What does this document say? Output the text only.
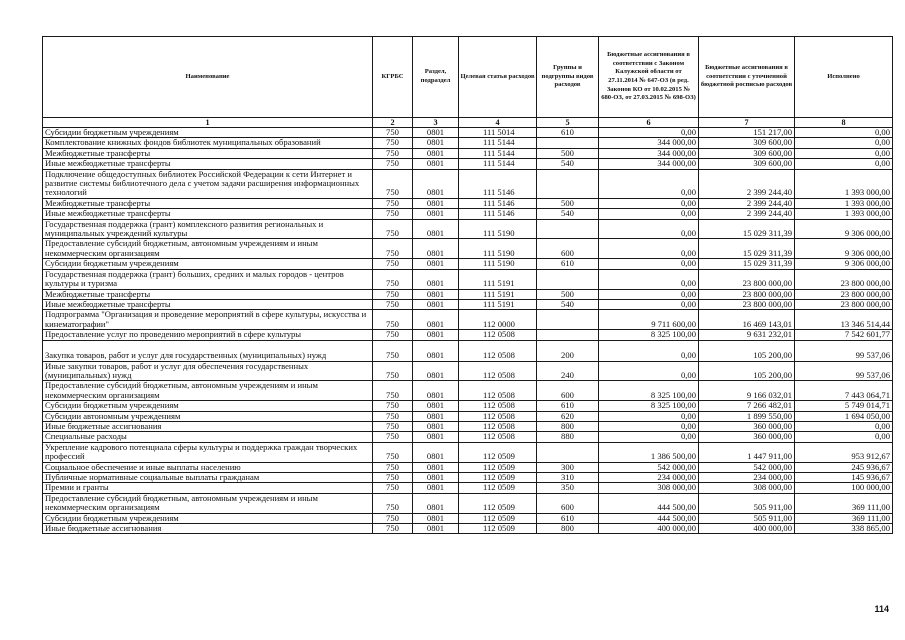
Наименование	КГРБС	Раздел, подраздел	Целевая статья расходов	Группы и подгруппы видов расходов	Бюджетные ассигнования в соответствии с Законом Калужской области от 27.11.2014 № 647-ОЗ (в ред. Законов КО от 10.02.2015 № 680-ОЗ, от 27.03.2015 № 698-ОЗ)	Бюджетные ассигнования в соответствии с уточненной бюджетной росписью расходов	Исполнено
1	2	3	4	5	6	7	8
Субсидии бюджетным учреждениям	750	0801	111 5014	610	0,00	151 217,00	0,00
Комплектование книжных фондов библиотек муниципальных образований	750	0801	111 5144		344 000,00	309 600,00	0,00
Межбюджетные трансферты	750	0801	111 5144	500	344 000,00	309 600,00	0,00
Иные межбюджетные трансферты	750	0801	111 5144	540	344 000,00	309 600,00	0,00
Подключение общедоступных библиотек Российской Федерации к сети Интернет и развитие системы библиотечного дела с учетом задачи расширения информационных технологий	750	0801	111 5146		0,00	2 399 244,40	1 393 000,00
Межбюджетные трансферты	750	0801	111 5146	500	0,00	2 399 244,40	1 393 000,00
Иные межбюджетные трансферты	750	0801	111 5146	540	0,00	2 399 244,40	1 393 000,00
Государственная поддержка (грант) комплексного развития региональных и муниципальных учреждений культуры	750	0801	111 5190		0,00	15 029 311,39	9 306 000,00
Предоставление субсидий бюджетным, автономным учреждениям и иным некоммерческим организациям	750	0801	111 5190	600	0,00	15 029 311,39	9 306 000,00
Субсидии бюджетным учреждениям	750	0801	111 5190	610	0,00	15 029 311,39	9 306 000,00
Государственная поддержка (грант) больших, средних и малых городов - центров культуры и туризма	750	0801	111 5191		0,00	23 800 000,00	23 800 000,00
Межбюджетные трансферты	750	0801	111 5191	500	0,00	23 800 000,00	23 800 000,00
Иные межбюджетные трансферты	750	0801	111 5191	540	0,00	23 800 000,00	23 800 000,00
Подпрограмма "Организация и проведение мероприятий в сфере культуры, искусства и кинематографии"	750	0801	112 0000		9 711 600,00	16 469 143,01	13 346 514,44
Предоставление услуг по проведению мероприятий в сфере культуры	750	0801	112 0508		8 325 100,00	9 631 232,01	7 542 601,77
Закупка товаров, работ и услуг для государственных (муниципальных) нужд	750	0801	112 0508	200	0,00	105 200,00	99 537,06
Иные закупки товаров, работ и услуг для обеспечения государственных (муниципальных) нужд	750	0801	112 0508	240	0,00	105 200,00	99 537,06
Предоставление субсидий бюджетным, автономным учреждениям и иным некоммерческим организациям	750	0801	112 0508	600	8 325 100,00	9 166 032,01	7 443 064,71
Субсидии бюджетным учреждениям	750	0801	112 0508	610	8 325 100,00	7 266 482,01	5 749 014,71
Субсидии автономным учреждениям	750	0801	112 0508	620	0,00	1 899 550,00	1 694 050,00
Иные бюджетные ассигнования	750	0801	112 0508	800	0,00	360 000,00	0,00
Специальные расходы	750	0801	112 0508	880	0,00	360 000,00	0,00
Укрепление кадрового потенциала сферы культуры и поддержка граждан творческих профессий	750	0801	112 0509		1 386 500,00	1 447 911,00	953 912,67
Социальное обеспечение и иные выплаты населению	750	0801	112 0509	300	542 000,00	542 000,00	245 936,67
Публичные нормативные социальные выплаты гражданам	750	0801	112 0509	310	234 000,00	234 000,00	145 936,67
Премии и гранты	750	0801	112 0509	350	308 000,00	308 000,00	100 000,00
Предоставление субсидий бюджетным, автономным учреждениям и иным некоммерческим организациям	750	0801	112 0509	600	444 500,00	505 911,00	369 111,00
Субсидии бюджетным учреждениям	750	0801	112 0509	610	444 500,00	505 911,00	369 111,00
Иные бюджетные ассигнования	750	0801	112 0509	800	400 000,00	400 000,00	338 865,00
114
